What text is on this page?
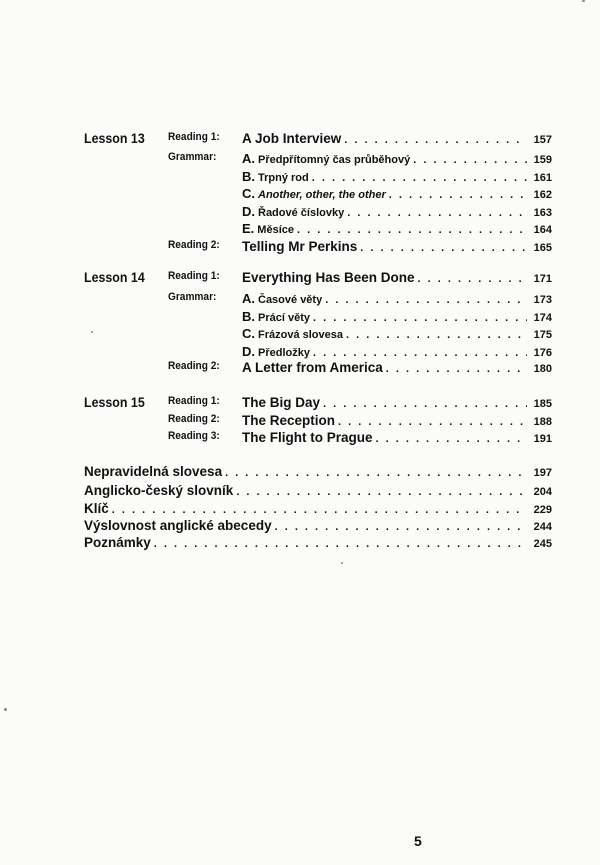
Lesson 13 Reading 1: A Job Interview . . .	157
Grammar: A. Předpřítomný čas průběhový . . .	159
B. Trpný rod . . .	161
C. Another, other, the other . . .	162
D. Řadové číslovky . . .	163
E. Měsíce . . .	164
Reading 2: Telling Mr Perkins . . .	165
Lesson 14 Reading 1: Everything Has Been Done . . .	171
Grammar: A. Časové věty . . .	173
B. Prácí věty . . .	174
C. Frázová slovesa . . .	175
D. Předložky . . .	176
Reading 2: A Letter from America . . .	180
Lesson 15 Reading 1: The Big Day . . .	185
Reading 2: The Reception . . .	188
Reading 3: The Flight to Prague . . .	191
Nepravidelná slovesa . . .	197
Anglicko-český slovník . . .	204
Klíč . . .	229
Výslovnost anglické abecedy . . .	244
Poznámky . . .	245
5
